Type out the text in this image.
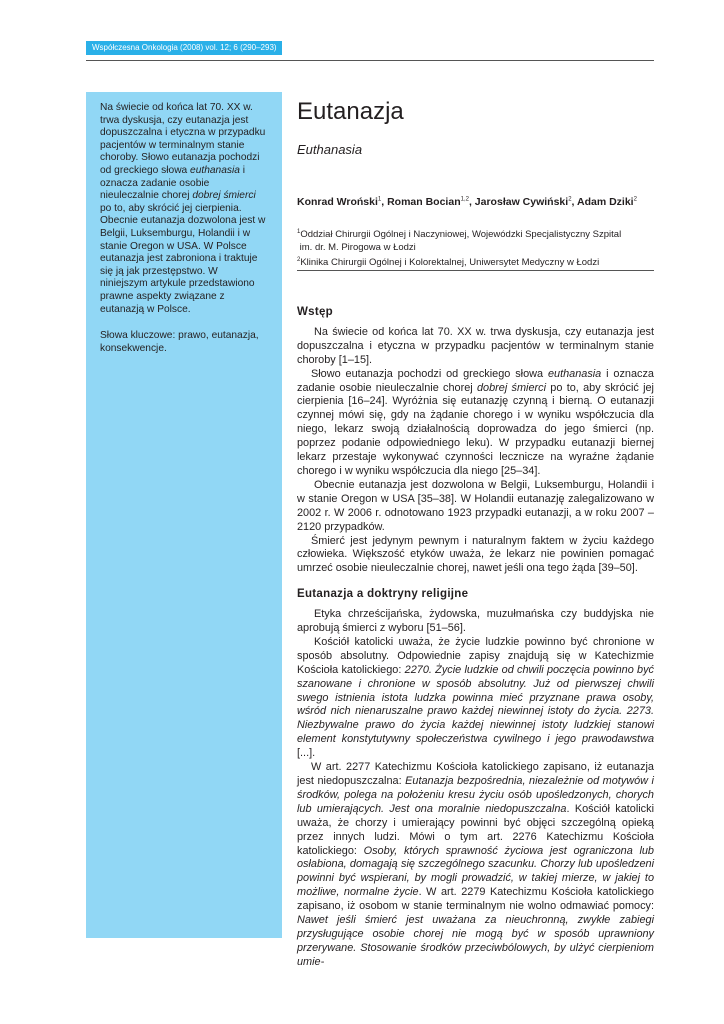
Współczesna Onkologia (2008) vol. 12; 6 (290–293)

Na świecie od końca lat 70. XX w. trwa dyskusja, czy eutanazja jest dopuszczalna i etyczna w przypadku pacjentów w terminalnym stanie choroby. Słowo eutanazja pochodzi od greckiego słowa euthanasia i oznacza zadanie osobie nieuleczalnie chorej dobrej śmierci po to, aby skrócić jej cierpienia. Obecnie eutanazja dozwolona jest w Belgii, Luksemburgu, Holandii i w stanie Oregon w USA. W Polsce eutanazja jest zabroniona i traktuje się ją jak przestępstwo. W niniejszym artykule przedstawiono prawne aspekty związane z eutanazją w Polsce.

Słowa kluczowe: prawo, eutanazja, konsekwencje.

Eutanazja
Euthanasia
Konrad Wroński$^1$, Roman Bocian$^{1,2}$, Jarosław Cywiński$^2$, Adam Dziki$^2$
$^1$Oddział Chirurgii Ogólnej i Naczyniowej, Wojewódzki Specjalistyczny Szpital
im. dr. M. Pirogowa w Łodzi
$^2$Klinika Chirurgii Ogólnej i Kolorektalnej, Uniwersytet Medyczny w Łodzi
Wstęp

Na świecie od końca lat 70. XX w. trwa dyskusja, czy eutanazja jest dopuszczalna i etyczna w przypadku pacjentów w terminalnym stanie choroby [1–15].

Słowo eutanazja pochodzi od greckiego słowa euthanasia i oznacza zadanie osobie nieuleczalnie chorej dobrej śmierci po to, aby skrócić jej cierpienia [16–24]. Wyróżnia się eutanazję czynną i bierną. O eutanazji czynnej mówi się, gdy na żądanie chorego i w wyniku współczucia dla niego, lekarz swoją działalnością doprowadza do jego śmierci (np. poprzez podanie odpowiedniego leku). W przypadku eutanazji biernej lekarz przestaje wykonywać czynności lecznicze na wyraźne żądanie chorego i w wyniku współczucia dla niego [25–34].

Obecnie eutanazja jest dozwolona w Belgii, Luksemburgu, Holandii i w stanie Oregon w USA [35–38]. W Holandii eutanazję zalegalizowano w 2002 r. W 2006 r. odnotowano 1923 przypadki eutanazji, a w roku 2007 – 2120 przypadków.

Śmierć jest jedynym pewnym i naturalnym faktem w życiu każdego człowieka. Większość etyków uważa, że lekarz nie powinien pomagać umrzeć osobie nieuleczalnie chorej, nawet jeśli ona tego żąda [39–50].

Eutanazja a doktryny religijne

Etyka chrześcijańska, żydowska, muzułmańska czy buddyjska nie aprobują śmierci z wyboru [51–56].

Kościół katolicki uważa, że życie ludzkie powinno być chronione w sposób absolutny. Odpowiednie zapisy znajdują się w Katechizmie Kościoła katolickiego: 2270. Życie ludzkie od chwili poczęcia powinno być szanowane i chronione w sposób absolutny. Już od pierwszej chwili swego istnienia istota ludzka powinna mieć przyznane prawa osoby, wśród nich nienaruszalne prawo każdej niewinnej istoty do życia. 2273. Niezbywalne prawo do życia każdej niewinnej istoty ludzkiej stanowi element konstytutywny społeczeństwa cywilnego i jego prawodawstwa [...].

W art. 2277 Katechizmu Kościoła katolickiego zapisano, iż eutanazja jest niedopuszczalna: Eutanazja bezpośrednia, niezależnie od motywów i środków, polega na położeniu kresu życiu osób upośledzonych, chorych lub umierających. Jest ona moralnie niedopuszczalna. Kościół katolicki uważa, że chorzy i umierający powinni być objęci szczególną opieką przez innych ludzi. Mówi o tym art. 2276 Katechizmu Kościoła katolickiego: Osoby, których sprawność życiowa jest ograniczona lub osłabiona, domagają się szczególnego szacunku. Chorzy lub upośledzeni powinni być wspierani, by mogli prowadzić, w takiej mierze, w jakiej to możliwe, normalne życie. W art. 2279 Katechizmu Kościoła katolickiego zapisano, iż osobom w stanie terminalnym nie wolno odmawiać pomocy: Nawet jeśli śmierć jest uważana za nieuchronną, zwykłe zabiegi przysługujące osobie chorej nie mogą być w sposób uprawniony przerywane. Stosowanie środków przeciwbólowych, by ulżyć cierpieniom umie-
